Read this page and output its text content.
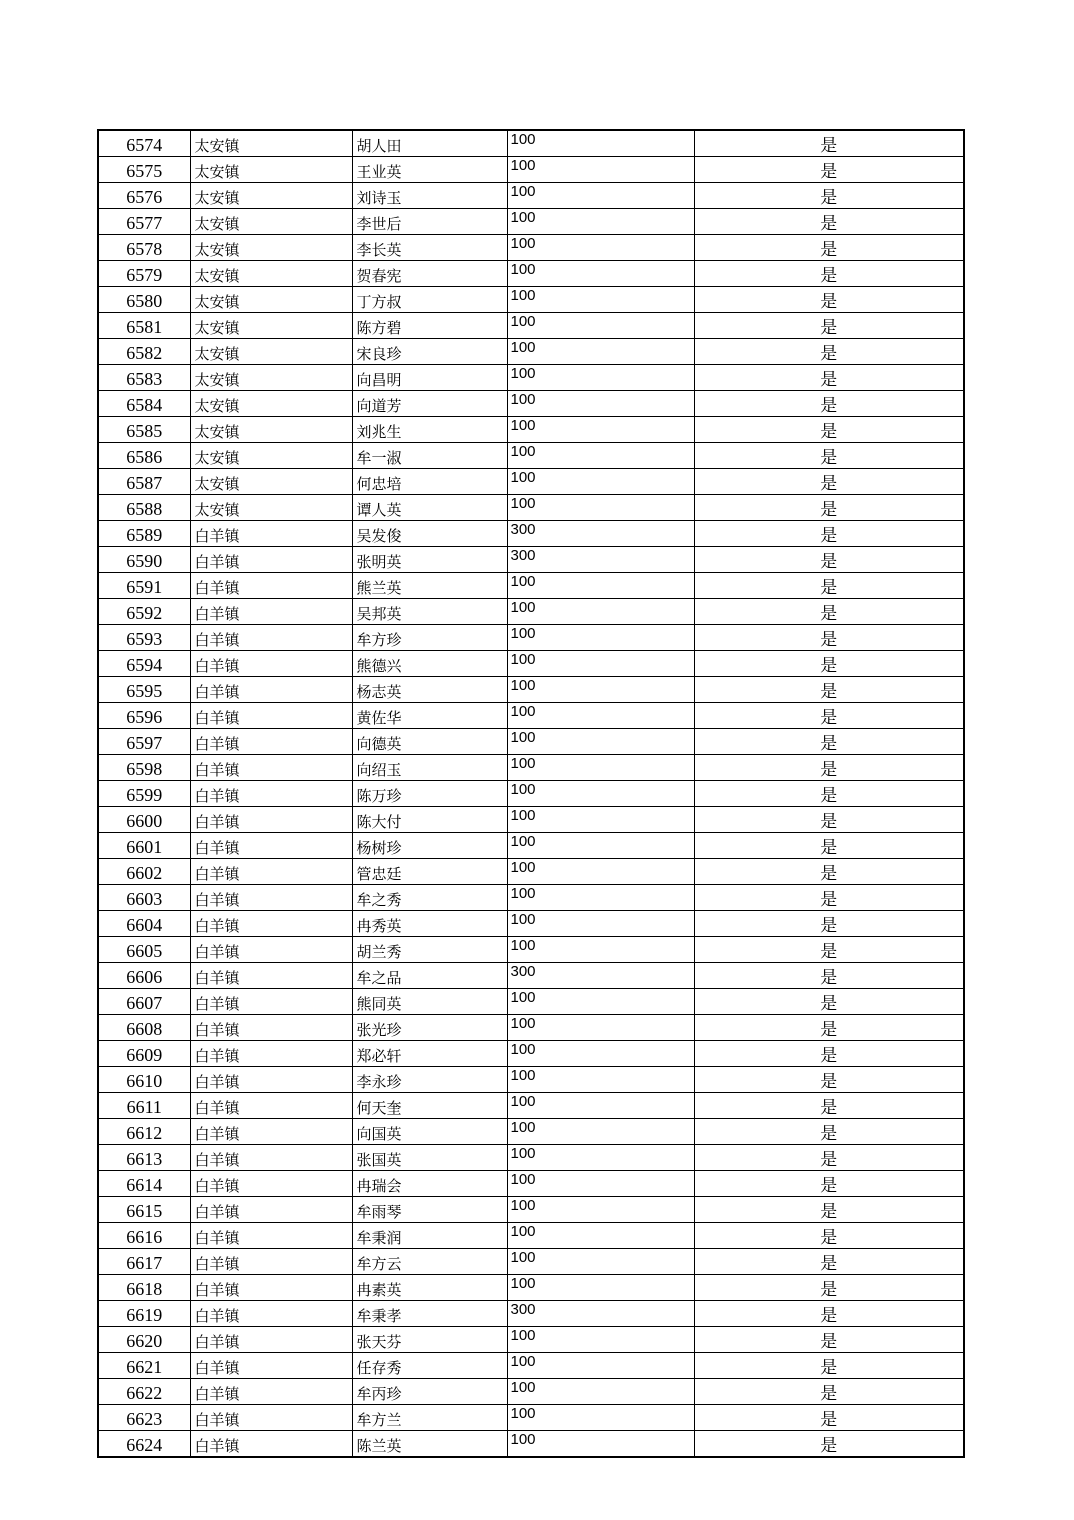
6574	太安镇	胡人田	100	是
6575	太安镇	王业英	100	是
6576	太安镇	刘诗玉	100	是
6577	太安镇	李世后	100	是
6578	太安镇	李长英	100	是
6579	太安镇	贺春宪	100	是
6580	太安镇	丁方叔	100	是
6581	太安镇	陈方碧	100	是
6582	太安镇	宋良珍	100	是
6583	太安镇	向昌明	100	是
6584	太安镇	向道芳	100	是
6585	太安镇	刘兆生	100	是
6586	太安镇	牟一淑	100	是
6587	太安镇	何忠培	100	是
6588	太安镇	谭人英	100	是
6589	白羊镇	吴发俊	300	是
6590	白羊镇	张明英	300	是
6591	白羊镇	熊兰英	100	是
6592	白羊镇	吴邦英	100	是
6593	白羊镇	牟方珍	100	是
6594	白羊镇	熊德兴	100	是
6595	白羊镇	杨志英	100	是
6596	白羊镇	黄佐华	100	是
6597	白羊镇	向德英	100	是
6598	白羊镇	向绍玉	100	是
6599	白羊镇	陈万珍	100	是
6600	白羊镇	陈大付	100	是
6601	白羊镇	杨树珍	100	是
6602	白羊镇	管忠廷	100	是
6603	白羊镇	牟之秀	100	是
6604	白羊镇	冉秀英	100	是
6605	白羊镇	胡兰秀	100	是
6606	白羊镇	牟之品	300	是
6607	白羊镇	熊同英	100	是
6608	白羊镇	张光珍	100	是
6609	白羊镇	郑必轩	100	是
6610	白羊镇	李永珍	100	是
6611	白羊镇	何天奎	100	是
6612	白羊镇	向国英	100	是
6613	白羊镇	张国英	100	是
6614	白羊镇	冉瑞会	100	是
6615	白羊镇	牟雨琴	100	是
6616	白羊镇	牟秉润	100	是
6617	白羊镇	牟方云	100	是
6618	白羊镇	冉素英	100	是
6619	白羊镇	牟秉孝	300	是
6620	白羊镇	张天芬	100	是
6621	白羊镇	任存秀	100	是
6622	白羊镇	牟丙珍	100	是
6623	白羊镇	牟方兰	100	是
6624	白羊镇	陈兰英	100	是
